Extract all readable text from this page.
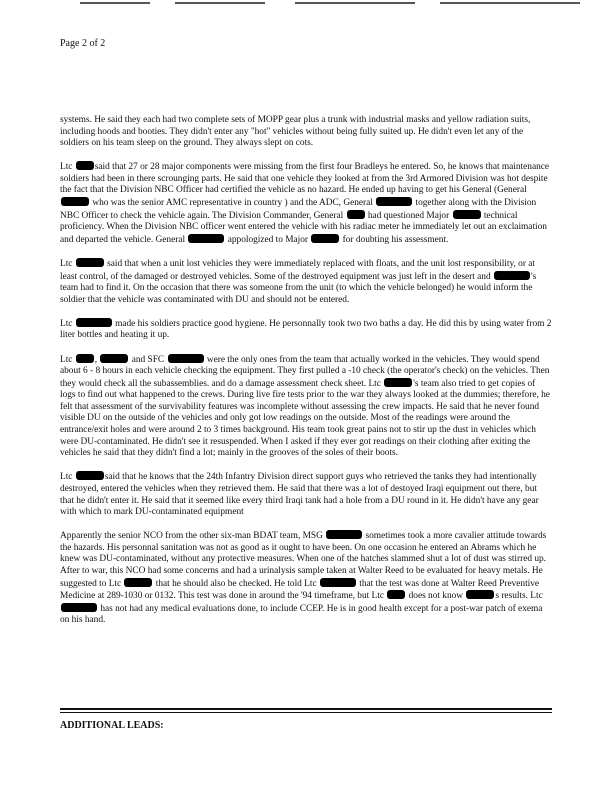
Page 2 of 2

systems. He said they each had two complete sets of MOPP gear plus a trunk with industrial masks and yellow radiation suits, including hoods and booties. They didn't enter any "hot" vehicles without being fully suited up. He didn't even let any of the soldiers on his team sleep on the ground. They always slept on cots.

Ltc said that 27 or 28 major components were missing from the first four Bradleys he entered. So, he knows that maintenance soldiers had been in there scrounging parts. He said that one vehicle they looked at from the 3rd Armored Division was hot despite the fact that the Division NBC Officer had certified the vehicle as no hazard. He ended up having to get his General (General  who was the senior AMC representative in country ) and the ADC, General	together along with the Division NBC Officer to check the vehicle again. The Division Commander, General  had questioned Major	technical proficiency. When the Division NBC officer went entered the vehicle with his radiac meter he immediately let out an exclaimation and departed the vehicle. General	appologized to Major	for doubting his assessment.

Ltc	said that when a unit lost vehicles they were immediately replaced with floats, and the unit lost responsibility, or at least control, of the damaged or destroyed vehicles. Some of the destroyed equipment was just left in the desert and	's team had to find it. On the occasion that there was someone from the unit (to which the vehicle belonged) he would inform the soldier that the vehicle was contaminated with DU and should not be entered.

Ltc	made his soldiers practice good hygiene. He personnally took two two baths a day. He did this by using water from 2 liter bottles and heating it up.

Ltc ,	and SFC	were the only ones from the team that actually worked in the vehicles. They would spend about 6 - 8 hours in each vehicle checking the equipment. They first pulled a -10 check (the operator's check) on the vehicles. Then they would check all the subassemblies. and do a damage assessment check sheet. Ltc	's team also tried to get copies of logs to find out what happened to the crews. During live fire tests prior to the war they always looked at the dummies; therefore, he felt that assessment of the survivability features was incomplete without assessing the crew impacts. He said that he never found visible DU on the outside of the vehicles and only got low readings on the outside. Most of the readings were around the entrance/exit holes and were around 2 to 3 times background. His team took great pains not to stir up the dust in vehicles which were DU-contaminated. He didn't see it resuspended. When I asked if they ever got readings on their clothing after exiting the vehicles he said that they didn't find a lot; mainly in the grooves of the soles of their boots.

Ltc	said that he knows that the 24th Infantry Division direct support guys who retrieved the tanks they had intentionally destroyed, entered the vehicles when they retrieved them. He said that there was a lot of destoyed Iraqi equipment out there, but that he didn't enter it. He said that it seemed like every third Iraqi tank had a hole from a DU round in it. He didn't have any gear with which to mark DU-contaminated equipment

Apparently the senior NCO from the other six-man BDAT team, MSG	sometimes took a more cavalier attitude towards the hazards. His personnal sanitation was not as good as it ought to have been. On one occasion he entered an Abrams which he knew was DU-contaminated, without any protective measures. When one of the hatches slammed shut a lot of dust was stirred up. After to war, this NCO had some concerns and had a urinalysis sample taken at Walter Reed to be evaluated for heavy metals. He suggested to Ltc	that he should also be checked. He told Ltc	that the test was done at Walter Reed Preventive Medicine at 289-1030 or 0132. This test was done in around the '94 timeframe, but Ltc  does not know	s results. Ltc  has not had any medical evaluations done, to include CCEP. He is in good health except for a post-war patch of exema on his hand.

ADDITIONAL LEADS:
